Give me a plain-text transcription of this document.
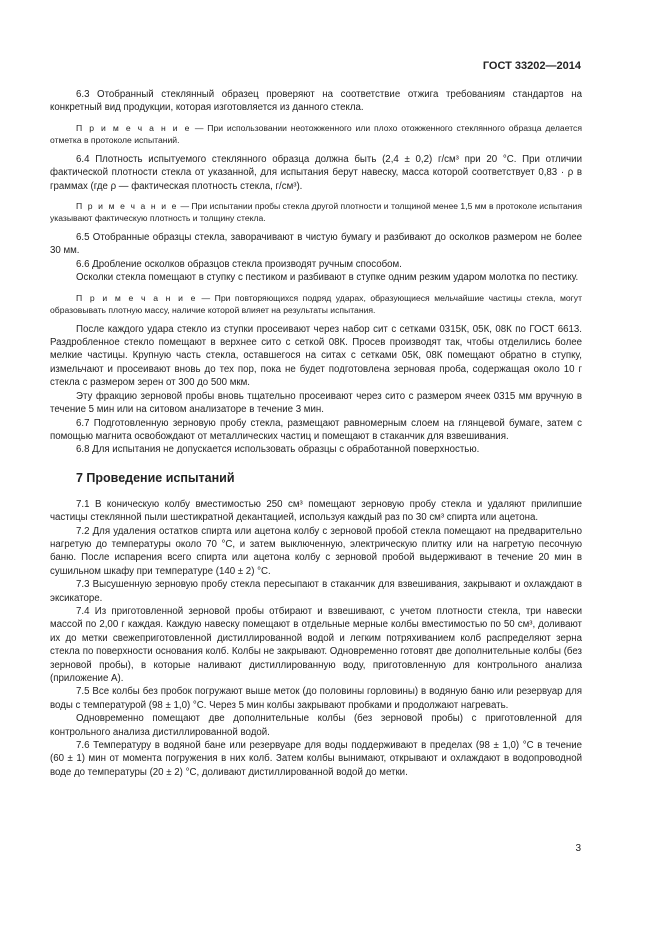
ГОСТ 33202—2014

6.3 Отобранный стеклянный образец проверяют на соответствие отжига требованиям стандартов на конкретный вид продукции, которая изготовляется из данного стекла.

П р и м е ч а н и е — При использовании неотожженного или плохо отожженного стеклянного образца делается отметка в протоколе испытаний.

6.4 Плотность испытуемого стеклянного образца должна быть (2,4 ± 0,2) г/см³ при 20 °С. При отличии фактической плотности стекла от указанной, для испытания берут навеску, массa которой соответствует 0,83 · ρ в граммах (где ρ — фактическая плотность стекла, г/см³).

П р и м е ч а н и е — При испытании пробы стекла другой плотности и толщиной менее 1,5 мм в протоколе испытания указывают фактическую плотность и толщину стекла.

6.5 Отобранные образцы стекла, заворачивают в чистую бумагу и разбивают до осколков размером не более 30 мм.

6.6 Дробление осколков образцов стекла производят ручным способом.

Осколки стекла помещают в ступку с пестиком и разбивают в ступке одним резким ударом молотка по пестику.

П р и м е ч а н и е — При повторяющихся подряд ударах, образующиеся мельчайшие частицы стекла, могут образовывать плотную массу, наличие которой влияет на результаты испытания.

После каждого удара стекло из ступки просеивают через набор сит с сетками 0315К, 05К, 08К по ГОСТ 6613. Раздробленное стекло помещают в верхнее сито с сеткой 08К. Просев производят так, чтобы отделились более мелкие частицы. Крупную часть стекла, оставшегося на ситах с сетками 05К, 08К помещают обратно в ступку, измельчают и просеивают вновь до тех пор, пока не будет подготовлена зерновая проба, содержащая около 10 г стекла с размером зерен от 300 до 500 мкм.

Эту фракцию зерновой пробы вновь тщательно просеивают через сито с размером ячеек 0315 мм вручную в течение 5 мин или на ситовом анализаторе в течение 3 мин.

6.7 Подготовленную зерновую пробу стекла, размещают равномерным слоем на глянцевой бумаге, затем с помощью магнита освобождают от металлических частиц и помещают в стаканчик для взвешивания.

6.8 Для испытания не допускается использовать образцы с обработанной поверхностью.

7 Проведение испытаний

7.1 В коническую колбу вместимостью 250 см³ помещают зерновую пробу стекла и удаляют прилипшие частицы стеклянной пыли шестикратной декантацией, используя каждый раз по 30 см³ спирта или ацетона.

7.2 Для удаления остатков спирта или ацетона колбу с зерновой пробой стекла помещают на предварительно нагретую до температуры около 70 °С, и затем выключенную, электрическую плитку или на нагретую песочную баню. После испарения всего спирта или ацетона колбу с зерновой пробой выдерживают в течение 20 мин в сушильном шкафу при температуре (140 ± 2) °С.

7.3 Высушенную зерновую пробу стекла пересыпают в стаканчик для взвешивания, закрывают и охлаждают в эксикаторе.

7.4 Из приготовленной зерновой пробы отбирают и взвешивают, с учетом плотности стекла, три навески массой по 2,00 г каждая. Каждую навеску помещают в отдельные мерные колбы вместимостью по 50 см³, доливают их до метки свежеприготовленной дистиллированной водой и легким потряхиванием колб распределяют зерна стекла по поверхности основания колб. Колбы не закрывают. Одновременно готовят две дополнительные колбы (без зерновой пробы), в которые наливают дистиллированную воду, приготовленную для контрольного анализа (приложение А).

7.5 Все колбы без пробок погружают выше меток (до половины горловины) в водяную баню или резервуар для воды с температурой (98 ± 1,0) °С. Через 5 мин колбы закрывают пробками и продолжают нагревать.

Одновременно помещают две дополнительные колбы (без зерновой пробы) с приготовленной для контрольного анализа дистиллированной водой.

7.6 Температуру в водяной бане или резервуаре для воды поддерживают в пределах (98 ± 1,0) °С в течение (60 ± 1) мин от момента погружения в них колб. Затем колбы вынимают, открывают и охлаждают в водопроводной воде до температуры (20 ± 2) °С, доливают дистиллированной водой до метки.

3
